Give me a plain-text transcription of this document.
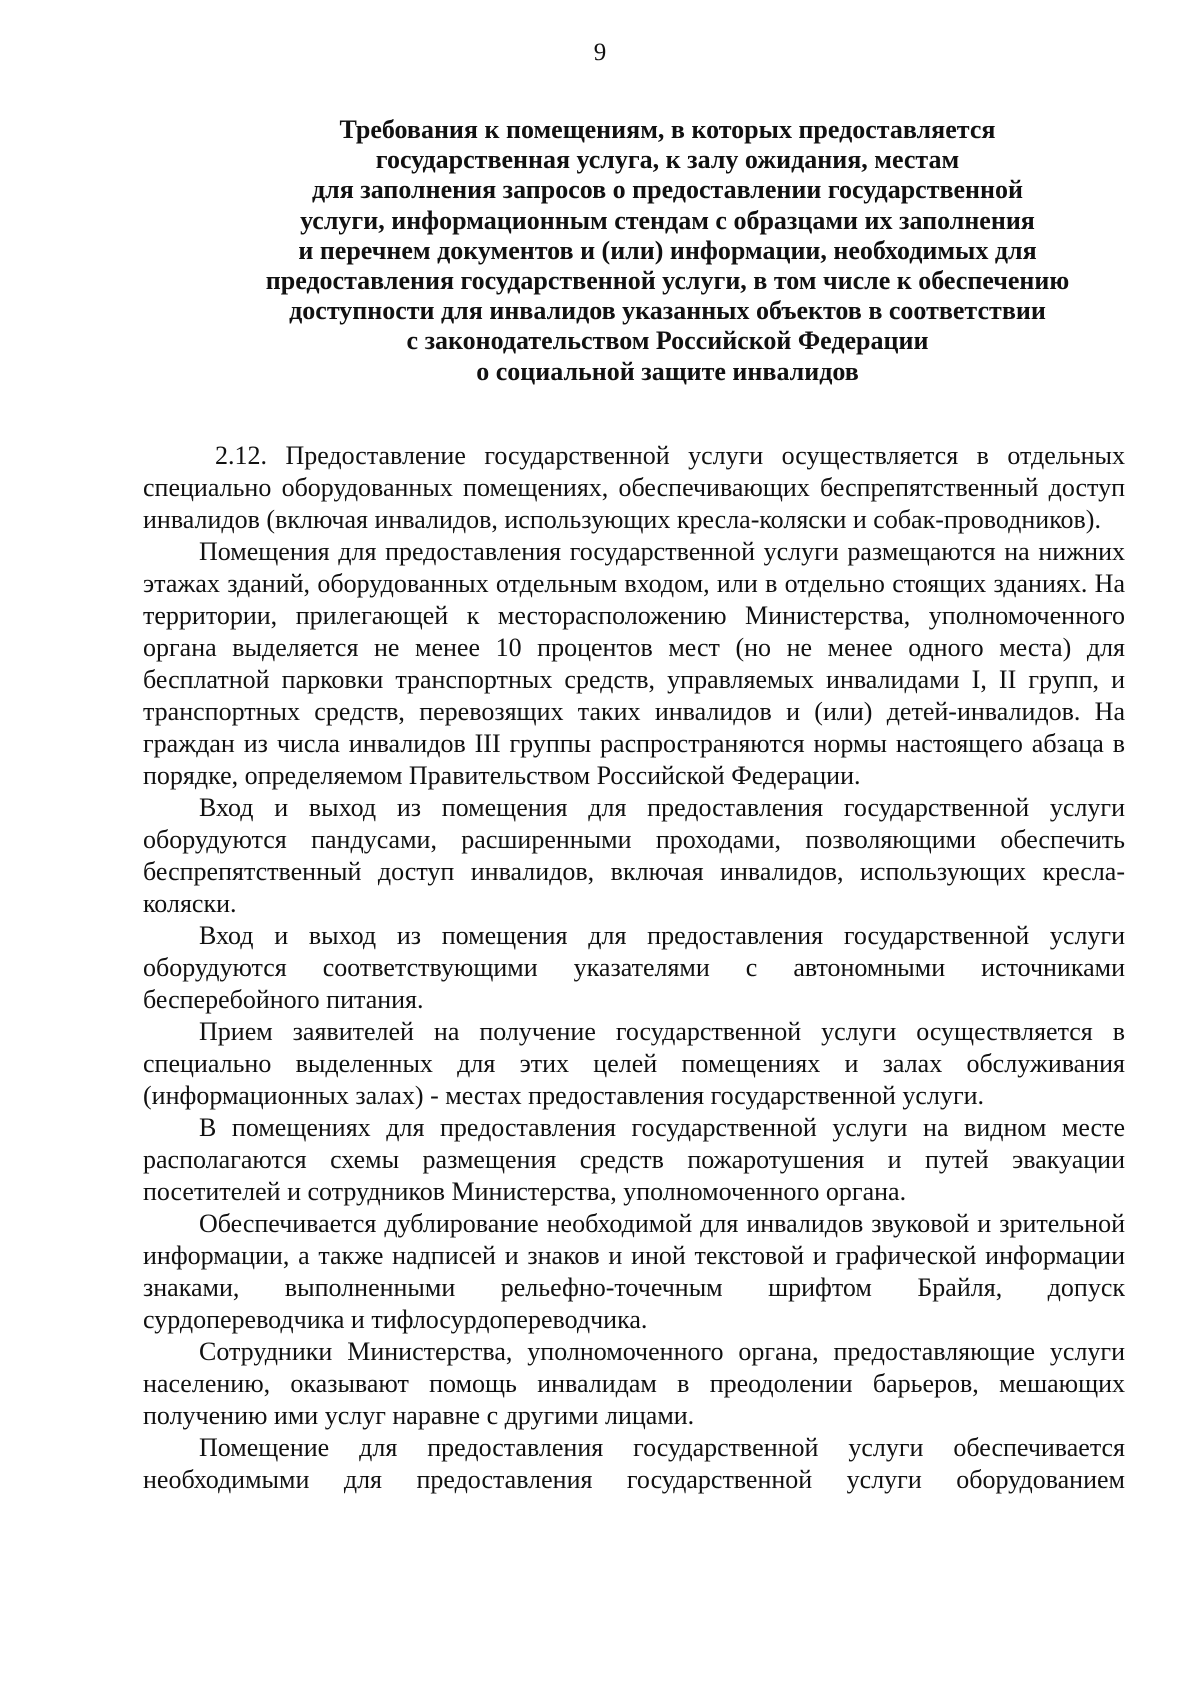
9
Требования к помещениям, в которых предоставляется
государственная услуга, к залу ожидания, местам
для заполнения запросов о предоставлении государственной
услуги, информационным стендам с образцами их заполнения
и перечнем документов и (или) информации, необходимых для
предоставления государственной услуги, в том числе к обеспечению
доступности для инвалидов указанных объектов в соответствии
с законодательством Российской Федерации
о социальной защите инвалидов

2.12. Предоставление государственной услуги осуществляется в отдельных специально оборудованных помещениях, обеспечивающих беспрепятственный доступ инвалидов (включая инвалидов, использующих кресла-коляски и собак-проводников).

Помещения для предоставления государственной услуги размещаются на нижних этажах зданий, оборудованных отдельным входом, или в отдельно стоящих зданиях. На территории, прилегающей к месторасположению Министерства, уполномоченного органа выделяется не менее 10 процентов мест (но не менее одного места) для бесплатной парковки транспортных средств, управляемых инвалидами I, II групп, и транспортных средств, перевозящих таких инвалидов и (или) детей-инвалидов. На граждан из числа инвалидов III группы распространяются нормы настоящего абзаца в порядке, определяемом Правительством Российской Федерации.

Вход и выход из помещения для предоставления государственной услуги оборудуются пандусами, расширенными проходами, позволяющими обеспечить беспрепятственный доступ инвалидов, включая инвалидов, использующих кресла-коляски.

Вход и выход из помещения для предоставления государственной услуги оборудуются соответствующими указателями с автономными источниками бесперебойного питания.

Прием заявителей на получение государственной услуги осуществляется в специально выделенных для этих целей помещениях и залах обслуживания (информационных залах) - местах предоставления государственной услуги.

В помещениях для предоставления государственной услуги на видном месте располагаются схемы размещения средств пожаротушения и путей эвакуации посетителей и сотрудников Министерства, уполномоченного органа.

Обеспечивается дублирование необходимой для инвалидов звуковой и зрительной информации, а также надписей и знаков и иной текстовой и графической информации знаками, выполненными рельефно-точечным шрифтом Брайля, допуск сурдопереводчика и тифлосурдопереводчика.

Сотрудники Министерства, уполномоченного органа, предоставляющие услуги населению, оказывают помощь инвалидам в преодолении барьеров, мешающих получению ими услуг наравне с другими лицами.

Помещение для предоставления государственной услуги обеспечивается необходимыми для предоставления государственной услуги оборудованием
